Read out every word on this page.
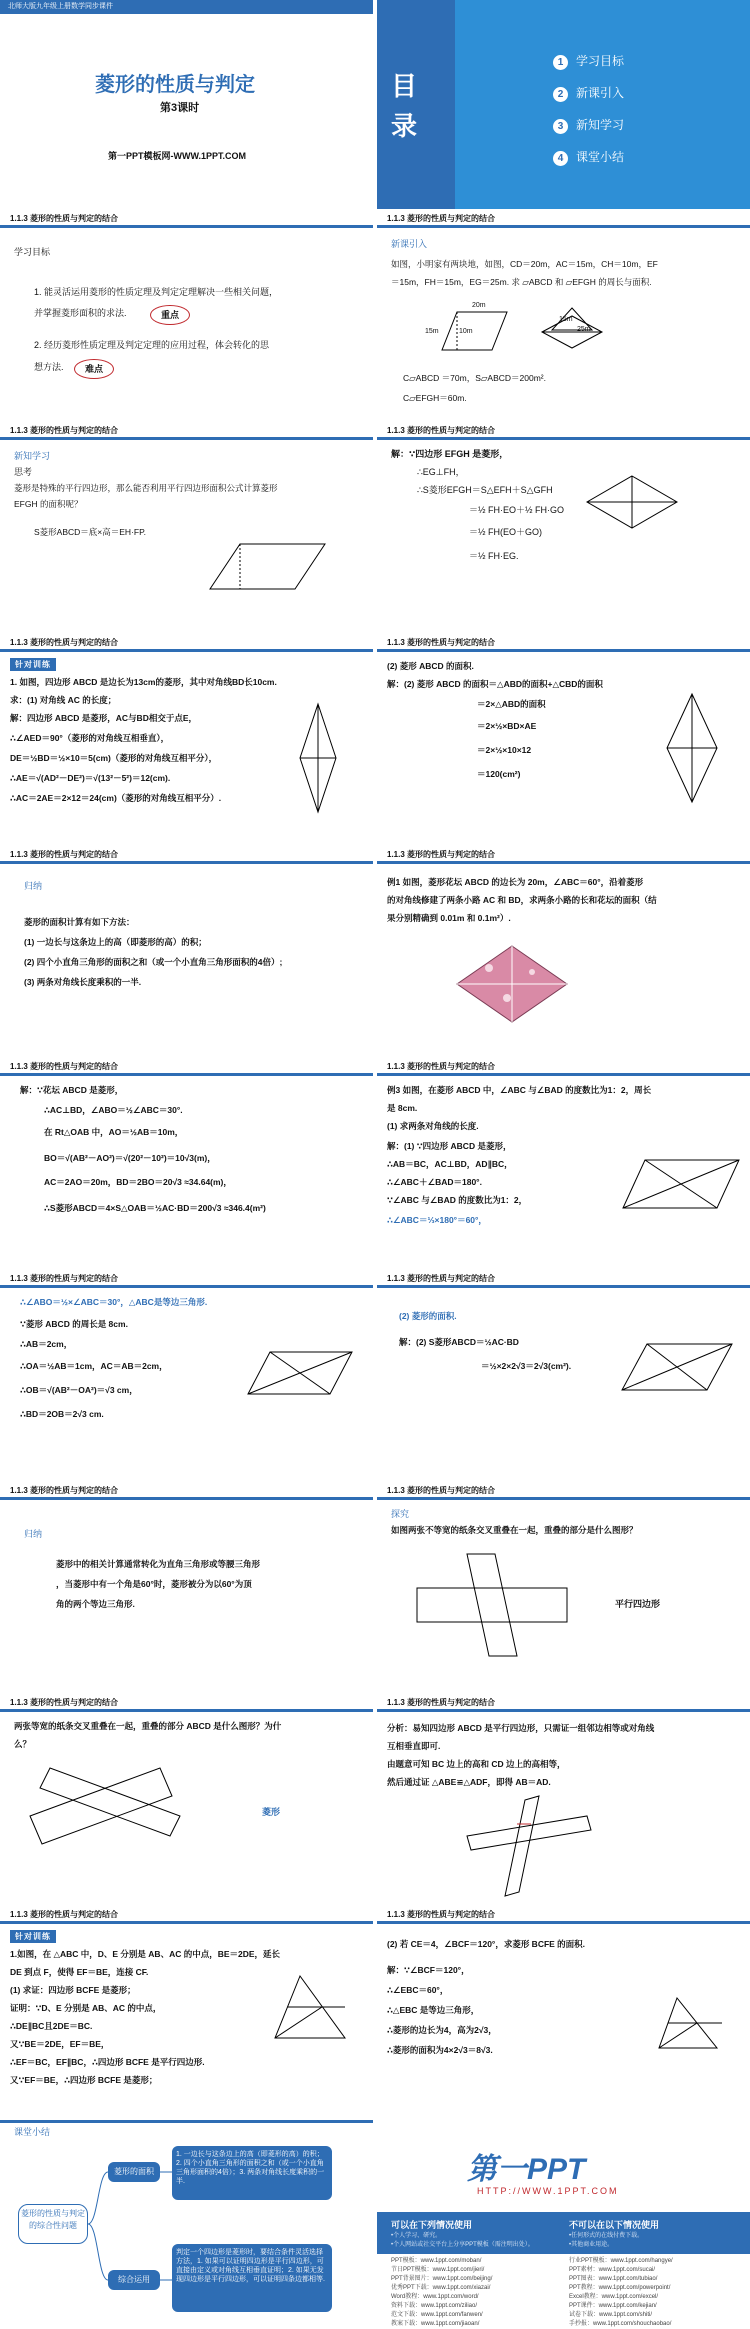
北师大版九年级上册数学同步课件
菱形的性质与判定
第3课时
第一PPT模板网-WWW.1PPT.COM
目
录
1 学习目标
2 新课引入
3 新知学习
4 课堂小结
1.1.3 菱形的性质与判定的结合
学习目标
1. 能灵活运用菱形的性质定理及判定定理解决一些相关问题，
并掌握菱形面积的求法.	重点
2. 经历菱形性质定理及判定定理的应用过程，体会转化的思
想方法.	难点
1.1.3 菱形的性质与判定的结合
新课引入
如图，小明家有两块地，如图，CD＝20m，AC＝15m，CH＝10m，EF
＝15m，FH＝15m，EG＝25m. 求 ▱ABCD 和 ▱EFGH 的周长与面积.
20m
15m	10m	25m
15m
C▱ABCD ＝70m，S▱ABCD＝200m².
C▱EFGH＝60m.
1.1.3 菱形的性质与判定的结合
新知学习
思考
菱形是特殊的平行四边形，那么能否利用平行四边形面积公式计算菱形
EFGH 的面积呢？
S菱形ABCD＝底×高＝EH·FP.
1.1.3 菱形的性质与判定的结合
解：∵四边形 EFGH 是菱形，
∴EG⊥FH，
∴S菱形EFGH＝S△EFH＋S△GFH
＝½ FH·EO＋½ FH·GO
＝½ FH(EO＋GO)
＝½ FH·EG.
1.1.3 菱形的性质与判定的结合
针对训练
1. 如图，四边形 ABCD 是边长为13cm的菱形，其中对角线BD长10cm.
求：(1) 对角线 AC 的长度；
解：四边形 ABCD 是菱形，AC与BD相交于点E，
∴∠AED＝90°（菱形的对角线互相垂直），
DE＝½BD＝½×10＝5(cm)（菱形的对角线互相平分），
∴AE＝√(AD²－DE²)＝√(13²－5²)＝12(cm).
∴AC＝2AE＝2×12＝24(cm)（菱形的对角线互相平分）.
1.1.3 菱形的性质与判定的结合
(2) 菱形 ABCD 的面积.
解：(2) 菱形 ABCD 的面积＝△ABD的面积+△CBD的面积
＝2×△ABD的面积
＝2×½×BD×AE
＝2×½×10×12
＝120(cm²)
1.1.3 菱形的性质与判定的结合
归纳
菱形的面积计算有如下方法：
(1) 一边长与这条边上的高（即菱形的高）的积；
(2) 四个小直角三角形的面积之和（或一个小直角三角形面积的4倍）;
(3) 两条对角线长度乘积的一半.
1.1.3 菱形的性质与判定的结合
例1 如图，菱形花坛 ABCD 的边长为 20m，∠ABC＝60°，沿着菱形
的对角线修建了两条小路 AC 和 BD，求两条小路的长和花坛的面积（结
果分别精确到 0.01m 和 0.1m²）.
1.1.3 菱形的性质与判定的结合
解：∵花坛 ABCD 是菱形，
∴AC⊥BD，∠ABO＝½∠ABC＝30°.
在 Rt△OAB 中，AO＝½AB＝10m，
BO＝√(AB²－AO²)＝√(20²－10²)＝10√3(m)，
AC＝2AO＝20m，BD＝2BO＝20√3 ≈34.64(m)，
∴S菱形ABCD＝4×S△OAB＝½AC·BD＝200√3 ≈346.4(m²)
1.1.3 菱形的性质与判定的结合
例3 如图，在菱形 ABCD 中，∠ABC 与∠BAD 的度数比为1：2，周长
是 8cm.
(1) 求两条对角线的长度.
解：(1) ∵四边形 ABCD 是菱形，
∴AB＝BC，AC⊥BD，AD∥BC，
∴∠ABC＋∠BAD＝180°.
∵∠ABC 与∠BAD 的度数比为1：2，
∴∠ABC＝⅓×180°＝60°，
1.1.3 菱形的性质与判定的结合
∴∠ABO＝½×∠ABC＝30°，△ABC是等边三角形.
∵菱形 ABCD 的周长是 8cm.
∴AB＝2cm，
∴OA＝½AB＝1cm，AC＝AB＝2cm，
∴OB＝√(AB²－OA²)＝√3 cm，
∴BD＝2OB＝2√3 cm.
1.1.3 菱形的性质与判定的结合
(2) 菱形的面积.
解：(2) S菱形ABCD＝½AC·BD
＝½×2×2√3＝2√3(cm²).
1.1.3 菱形的性质与判定的结合
归纳
菱形中的相关计算通常转化为直角三角形或等腰三角形
，当菱形中有一个角是60°时，菱形被分为以60°为顶
角的两个等边三角形.
1.1.3 菱形的性质与判定的结合
探究
如图两张不等宽的纸条交叉重叠在一起，重叠的部分是什么图形？
平行四边形
1.1.3 菱形的性质与判定的结合
两张等宽的纸条交叉重叠在一起，重叠的部分 ABCD 是什么图形？为什
么？
菱形
1.1.3 菱形的性质与判定的结合
分析：易知四边形 ABCD 是平行四边形，只需证一组邻边相等或对角线
互相垂直即可.
由题意可知 BC 边上的高和 CD 边上的高相等，
然后通过证 △ABE≌△ADF，即得 AB＝AD.
1.1.3 菱形的性质与判定的结合
针对训练
1.如图，在 △ABC 中，D、E 分别是 AB、AC 的中点，BE＝2DE，延长
DE 到点 F，使得 EF＝BE，连接 CF.
(1) 求证：四边形 BCFE 是菱形；
证明：∵D、E 分别是 AB、AC 的中点，
∴DE∥BC且2DE＝BC.
又∵BE＝2DE，EF＝BE，
∴EF＝BC，EF∥BC，∴四边形 BCFE 是平行四边形.
又∵EF＝BE，∴四边形 BCFE 是菱形；
1.1.3 菱形的性质与判定的结合
(2) 若 CE＝4，∠BCF＝120°，求菱形 BCFE 的面积.
解：∵∠BCF＝120°，
∴∠EBC＝60°，
∴△EBC 是等边三角形，
∴菱形的边长为4，高为2√3，
∴菱形的面积为4×2√3＝8√3.
课堂小结
菱形的性质与判定的综合性问题
菱形的面积
综合运用
1. 一边长与这条边上的高（即菱形的高）的积；2. 四个小直角三角形的面积之和（或一个小直角三角形面积的4倍）；3. 两条对角线长度乘积的一半.
判定一个四边形是菱形时，要结合条件灵活选择方法，1. 如果可以证明四边形是平行四边形，可直接由定义或对角线互相垂直证明；2. 如果无发现四边形是平行四边形，可以证明四条边都相等.
第一PPT
HTTP://WWW.1PPT.COM
可以在下列情况使用	不可以在以下情况使用
•个人学习、研究。
•个人网站或社交平台上分享PPT模板（需注明出处）。
•任何形式的在线付费下载。
•其他商业用途。
PPT模板：www.1ppt.com/moban/
节日PPT模板：www.1ppt.com/jieri/
PPT背景图片：www.1ppt.com/beijing/
优秀PPT下载：www.1ppt.com/xiazai/
Word教程：www.1ppt.com/word/
资料下载：www.1ppt.com/ziliao/
范文下载：www.1ppt.com/fanwen/
教案下载：www.1ppt.com/jiaoan/
行业PPT模板：www.1ppt.com/hangye/
PPT素材：www.1ppt.com/sucai/
PPT图表：www.1ppt.com/tubiao/
PPT教程：www.1ppt.com/powerpoint/
Excel教程：www.1ppt.com/excel/
PPT课件：www.1ppt.com/kejian/
试卷下载：www.1ppt.com/shiti/
手抄报：www.1ppt.com/shouchaobao/
